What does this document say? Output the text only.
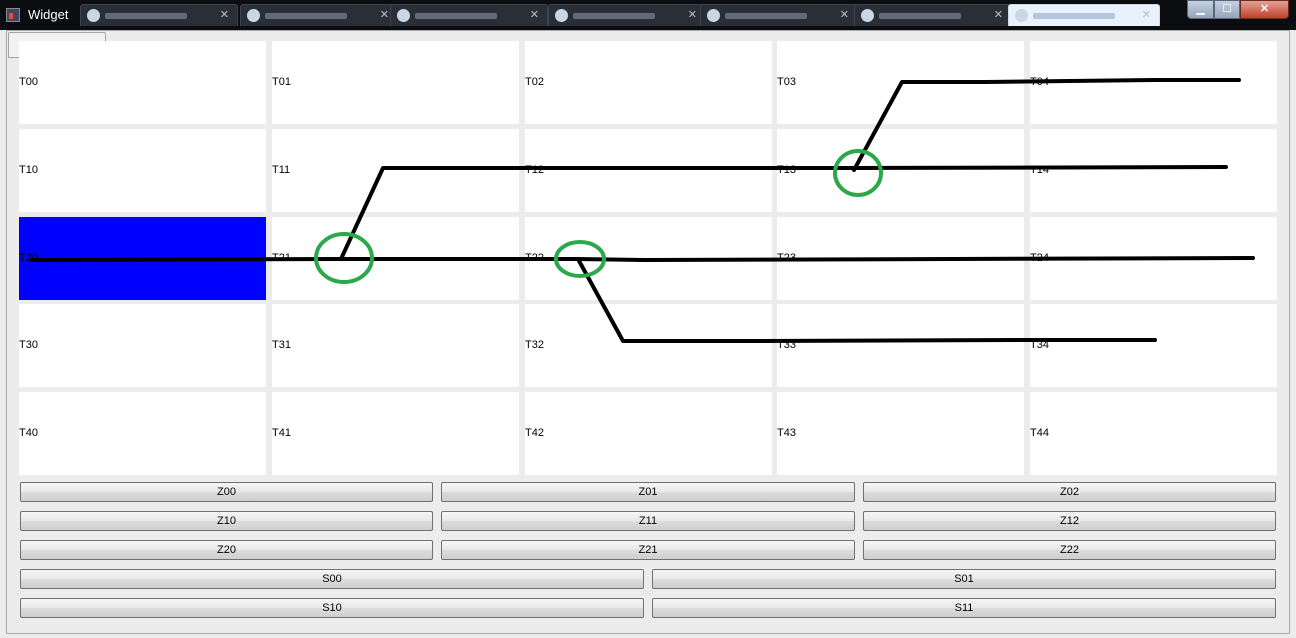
Widget	✕	✕	✕	✕	✕	✕	✕	▁	☐	✕
T00	T01	T02	T03	T04
T10	T11	T12	T13	T14
T20	T21	T22	T23	T24
T30	T31	T32	T33	T34
T40	T41	T42	T43	T44
Z00	Z01	Z02
Z10	Z11	Z12
Z20	Z21	Z22
S00	S01
S10	S11
